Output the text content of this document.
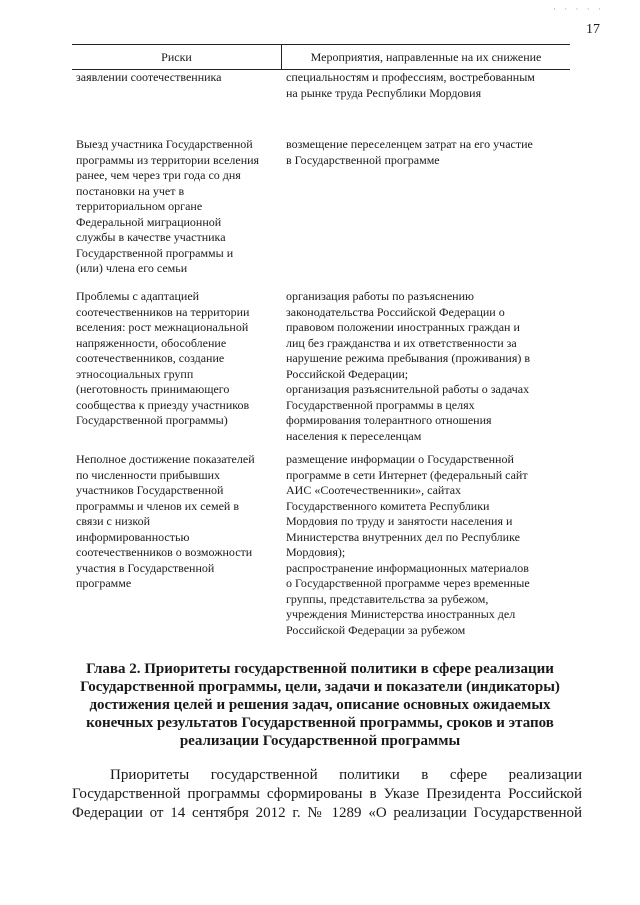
· · · · ·
17
Риски	Мероприятия, направленные на их снижение
заявлении соотечественника	специальностям и профессиям, востребованным
на рынке труда Республики Мордовия
Выезд участника Государственной
программы из территории вселения
ранее, чем через три года со дня
постановки на учет в
территориальном органе
Федеральной миграционной
службы в качестве участника
Государственной программы и
(или) члена его семьи
возмещение переселенцем затрат на его участие
в Государственной программе
Проблемы с адаптацией
соотечественников на территории
вселения: рост межнациональной
напряженности, обособление
соотечественников, создание
этносоциальных групп
(неготовность принимающего
сообщества к приезду участников
Государственной программы)
организация работы по разъяснению
законодательства Российской Федерации о
правовом положении иностранных граждан и
лиц без гражданства и их ответственности за
нарушение режима пребывания (проживания) в
Российской Федерации;
организация разъяснительной работы о задачах
Государственной программы в целях
формирования толерантного отношения
населения к переселенцам
Неполное достижение показателей
по численности прибывших
участников Государственной
программы и членов их семей в
связи с низкой
информированностью
соотечественников о возможности
участия в Государственной
программе
размещение информации о Государственной
программе в сети Интернет (федеральный сайт
АИС «Соотечественники», сайтах
Государственного комитета Республики
Мордовия по труду и занятости населения и
Министерства внутренних дел по Республике
Мордовия);
распространение информационных материалов
о Государственной программе через временные
группы, представительства за рубежом,
учреждения Министерства иностранных дел
Российской Федерации за рубежом
Глава 2. Приоритеты государственной политики в сфере реализации
Государственной программы, цели, задачи и показатели (индикаторы)
достижения целей и решения задач, описание основных ожидаемых
конечных результатов Государственной программы, сроков и этапов
реализации Государственной программы
Приоритеты государственной политики в сфере реализации
Государственной программы сформированы в Указе Президента Российской
Федерации от 14 сентября 2012 г. № 1289 «О реализации Государственной
